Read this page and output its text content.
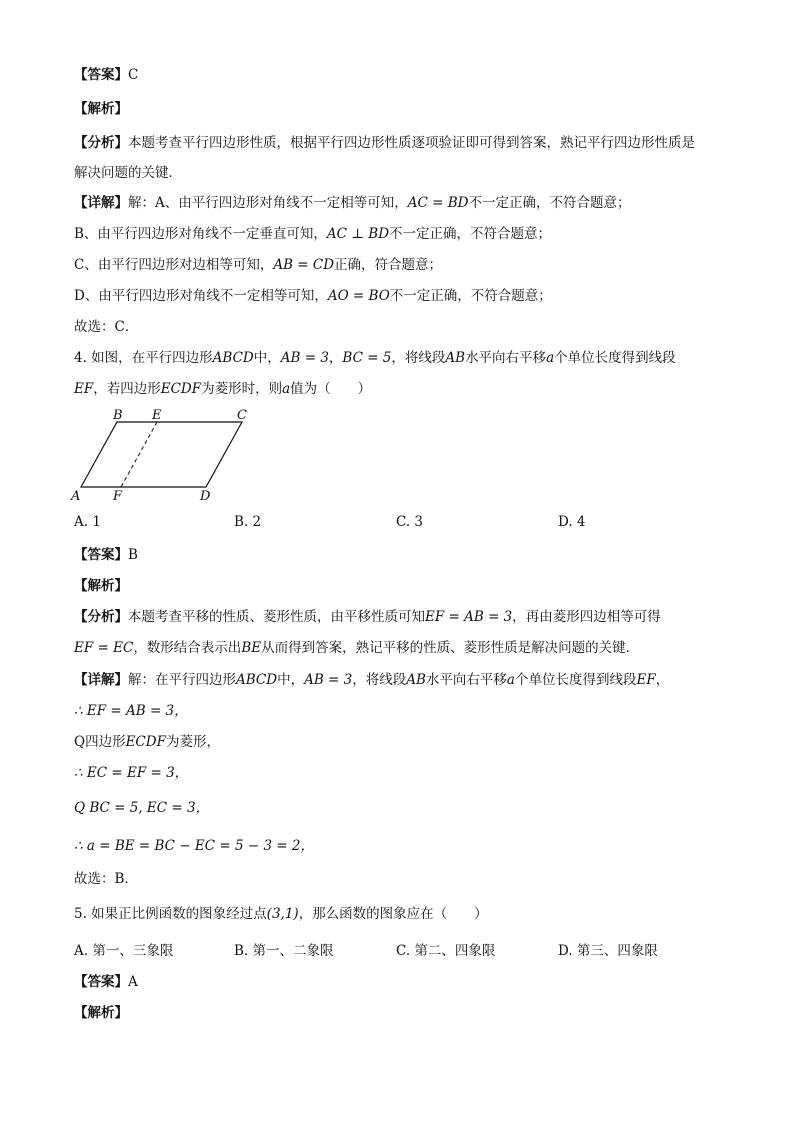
【答案】C
【解析】
【分析】本题考查平行四边形性质，根据平行四边形性质逐项验证即可得到答案，熟记平行四边形性质是
解决问题的关键．
【详解】解：A、由平行四边形对角线不一定相等可知，AC = BD不一定正确，不符合题意；
B、由平行四边形对角线不一定垂直可知，AC ⊥ BD不一定正确，不符合题意；
C、由平行四边形对边相等可知，AB = CD正确，符合题意；
D、由平行四边形对角线不一定相等可知，AO = BO不一定正确，不符合题意；
故选：C．
4. 如图，在平行四边形ABCD中，AB = 3，BC = 5，将线段AB水平向右平移a个单位长度得到线段
EF，若四边形ECDF为菱形时，则a值为（　　）
B E	C
A	F	D
A. 1	B. 2	C. 3	D. 4
【答案】B
【解析】
【分析】本题考查平移的性质、菱形性质，由平移性质可知EF = AB = 3，再由菱形四边相等可得
EF = EC，数形结合表示出BE从而得到答案，熟记平移的性质、菱形性质是解决问题的关键．
【详解】解：在平行四边形ABCD中，AB = 3，将线段AB水平向右平移a个单位长度得到线段EF，
∴ EF = AB = 3，
Q四边形ECDF为菱形，
∴ EC = EF = 3，
Q BC = 5, EC = 3，
∴ a = BE = BC − EC = 5 − 3 = 2，
故选：B．
5. 如果正比例函数的图象经过点(3,1)，那么函数的图象应在（　　）
A. 第一、三象限	B. 第一、二象限	C. 第二、四象限	D. 第三、四象限
【答案】A
【解析】
